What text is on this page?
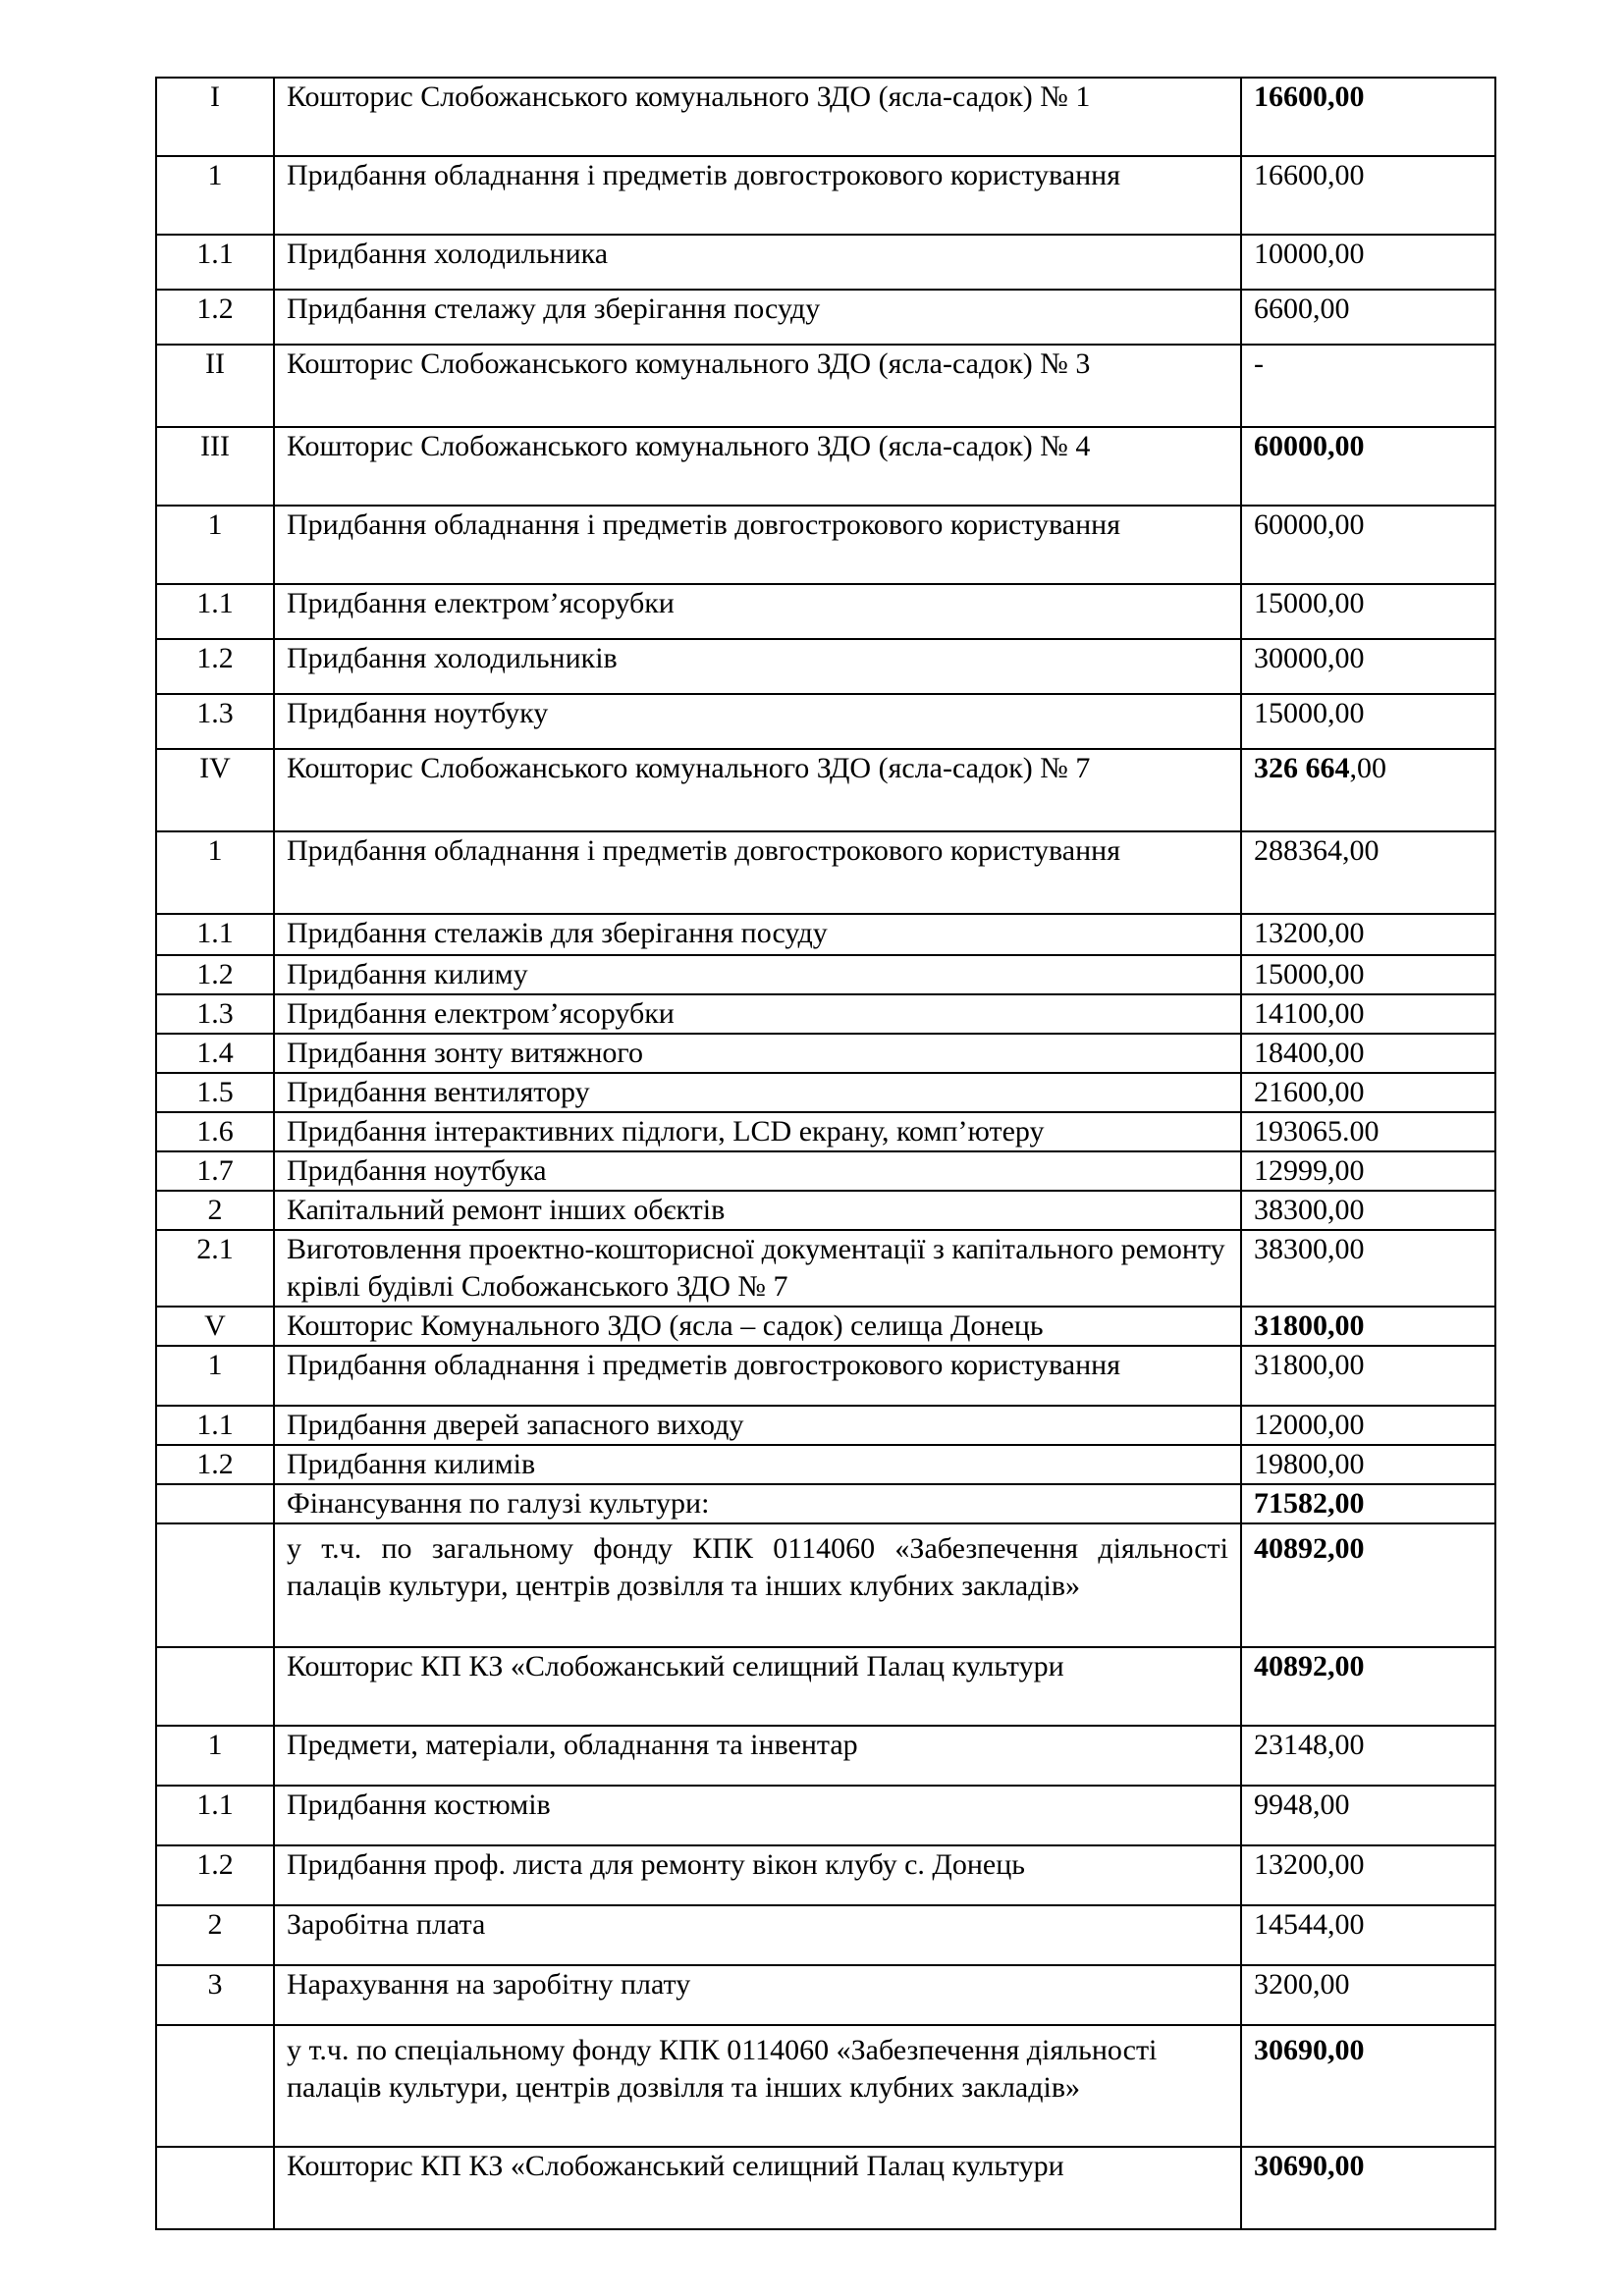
I	Кошторис Слобожанського комунального ЗДО (ясла-садок) № 1	16600,00
1	Придбання обладнання і предметів довгострокового користування	16600,00
1.1	Придбання холодильника	10000,00
1.2	Придбання стелажу для зберігання посуду	6600,00
II	Кошторис Слобожанського комунального ЗДО (ясла-садок) № 3	-
III	Кошторис Слобожанського комунального ЗДО (ясла-садок) № 4	60000,00
1	Придбання обладнання і предметів довгострокового користування	60000,00
1.1	Придбання електром’ясорубки	15000,00
1.2	Придбання холодильників	30000,00
1.3	Придбання ноутбуку	15000,00
IV	Кошторис Слобожанського комунального ЗДО (ясла-садок) № 7	326 664,00
1	Придбання обладнання і предметів довгострокового користування	288364,00
1.1	Придбання стелажів для зберігання посуду	13200,00
1.2	Придбання килиму	15000,00
1.3	Придбання електром’ясорубки	14100,00
1.4	Придбання зонту витяжного	18400,00
1.5	Придбання вентилятору	21600,00
1.6	Придбання інтерактивних підлоги, LCD екрану, комп’ютеру	193065.00
1.7	Придбання ноутбука	12999,00
2	Капітальний ремонт інших обєктів	38300,00
2.1	Виготовлення проектно-кошторисної документації з капітального ремонту крівлі будівлі Слобожанського ЗДО № 7	38300,00
V	Кошторис Комунального ЗДО (ясла – садок) селища Донець	31800,00
1	Придбання обладнання і предметів довгострокового користування	31800,00
1.1	Придбання дверей запасного виходу	12000,00
1.2	Придбання килимів	19800,00
	Фінансування по галузі культури:	71582,00
	у т.ч. по загальному фонду КПК 0114060 «Забезпечення діяльності палаців культури, центрів дозвілля та інших клубних закладів»	40892,00
	Кошторис КП КЗ «Слобожанський селищний Палац культури	40892,00
1	Предмети, матеріали, обладнання та інвентар	23148,00
1.1	Придбання костюмів	9948,00
1.2	Придбання проф. листа для ремонту вікон клубу с. Донець	13200,00
2	Заробітна плата	14544,00
3	Нарахування на заробітну плату	3200,00
	у т.ч. по спеціальному фонду КПК 0114060 «Забезпечення діяльності палаців культури, центрів дозвілля та інших клубних закладів»	30690,00
	Кошторис КП КЗ «Слобожанський селищний Палац культури	30690,00
